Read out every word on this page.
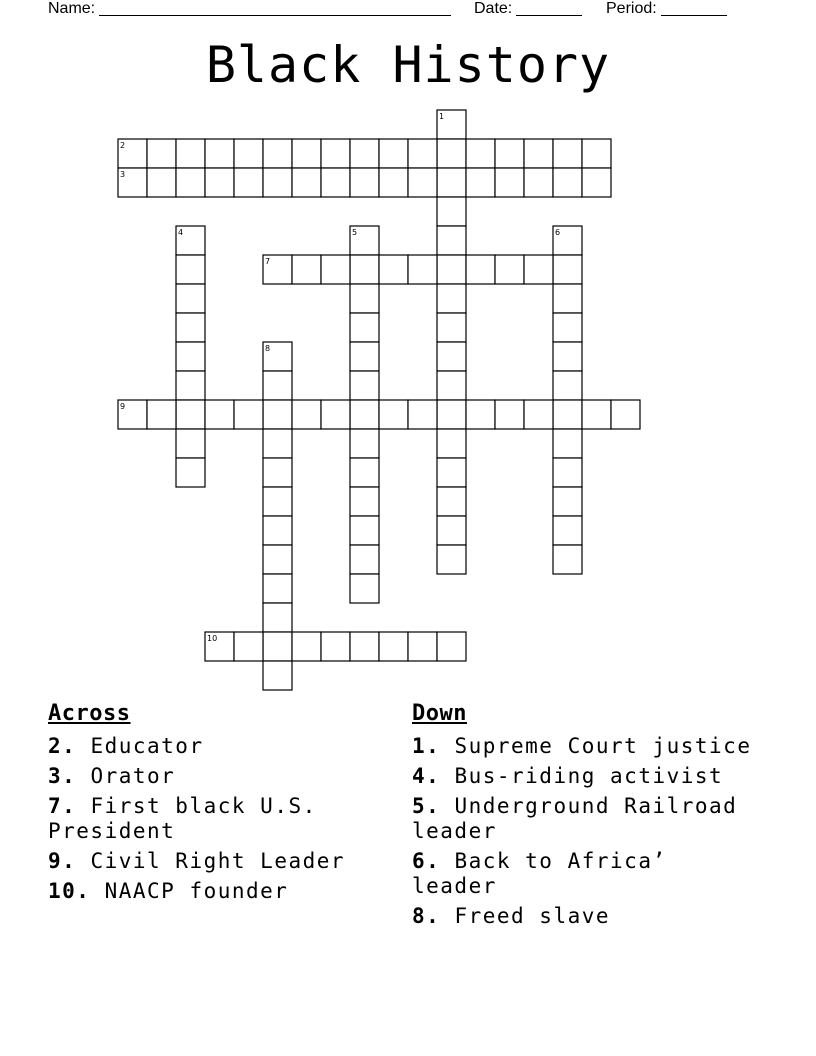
Name:	Date:	Period:
Black History
1
2
3
4	5	6
7
8
9
10
Across
2. Educator
3. Orator
7. First black U.S. President
9. Civil Right Leader
10. NAACP founder
Down
1. Supreme Court justice
4. Bus-riding activist
5. Underground Railroad leader
6. Back to Africa’ leader
8. Freed slave
